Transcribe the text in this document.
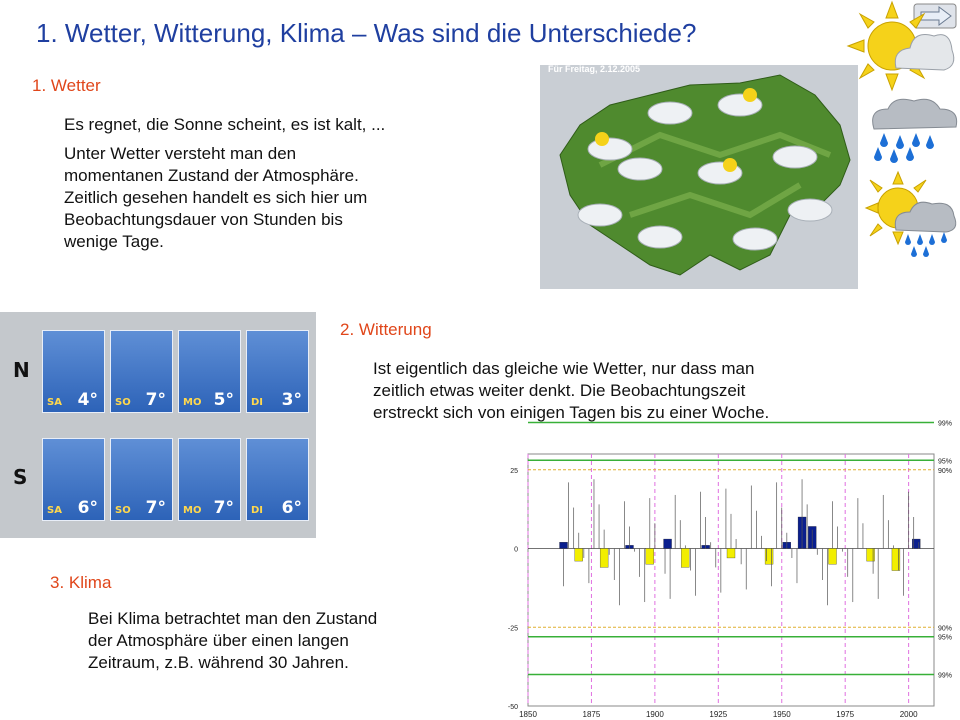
1. Wetter, Witterung, Klima – Was sind die Unterschiede?
1. Wetter
Es regnet, die Sonne scheint, es ist kalt, ...
Unter Wetter versteht man den
momentanen Zustand der Atmosphäre.
Zeitlich gesehen handelt es sich hier um
Beobachtungsdauer von Stunden bis
wenige Tage.
Für Freitag, 2.12.2005
N
S
SA 4° SO 7° MO 5° DI 3°
SA 6° SO 7° MO 7° DI 6°
2. Witterung
Ist eigentlich das gleiche wie Wetter, nur dass man
zeitlich etwas weiter denkt. Die Beobachtungszeit
erstreckt sich von einigen Tagen bis zu einer Woche.
3. Klima
Bei Klima betrachtet man den Zustand
der Atmosphäre über einen langen
Zeitraum, z.B. während 30 Jahren.
1850	1875	1900	1925	1950	1975	2000
99%
95%
90%
90%
95%
99%
25
0
-25
-50
